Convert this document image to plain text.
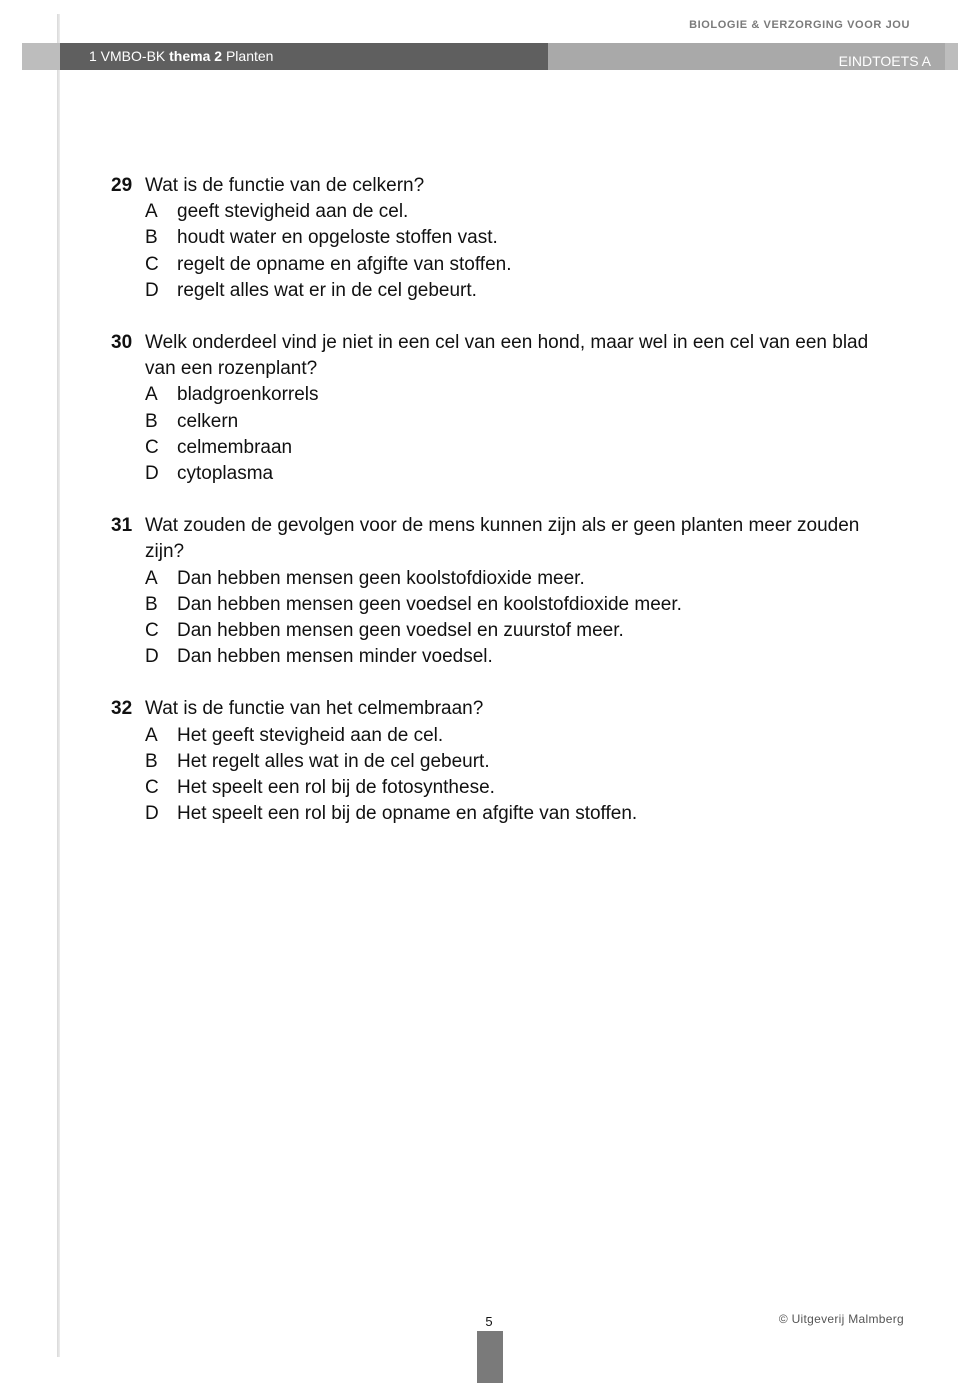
BIOLOGIE & VERZORGING VOOR JOU
1 VMBO-BK thema 2 Planten	EINDTOETS A
29 Wat is de functie van de celkern?
A	geeft stevigheid aan de cel.
B	houdt water en opgeloste stoffen vast.
C regelt de opname en afgifte van stoffen.
D regelt alles wat er in de cel gebeurt.
30 Welk onderdeel vind je niet in een cel van een hond, maar wel in een cel van een blad van een rozenplant?
A	bladgroenkorrels
B	celkern
C celmembraan
D cytoplasma
31 Wat zouden de gevolgen voor de mens kunnen zijn als er geen planten meer zouden zijn?
A	Dan hebben mensen geen koolstofdioxide meer.
B	Dan hebben mensen geen voedsel en koolstofdioxide meer.
C Dan hebben mensen geen voedsel en zuurstof meer.
D Dan hebben mensen minder voedsel.
32 Wat is de functie van het celmembraan?
A	Het geeft stevigheid aan de cel.
B	Het regelt alles wat in de cel gebeurt.
C Het speelt een rol bij de fotosynthese.
D Het speelt een rol bij de opname en afgifte van stoffen.
5	© Uitgeverij Malmberg
